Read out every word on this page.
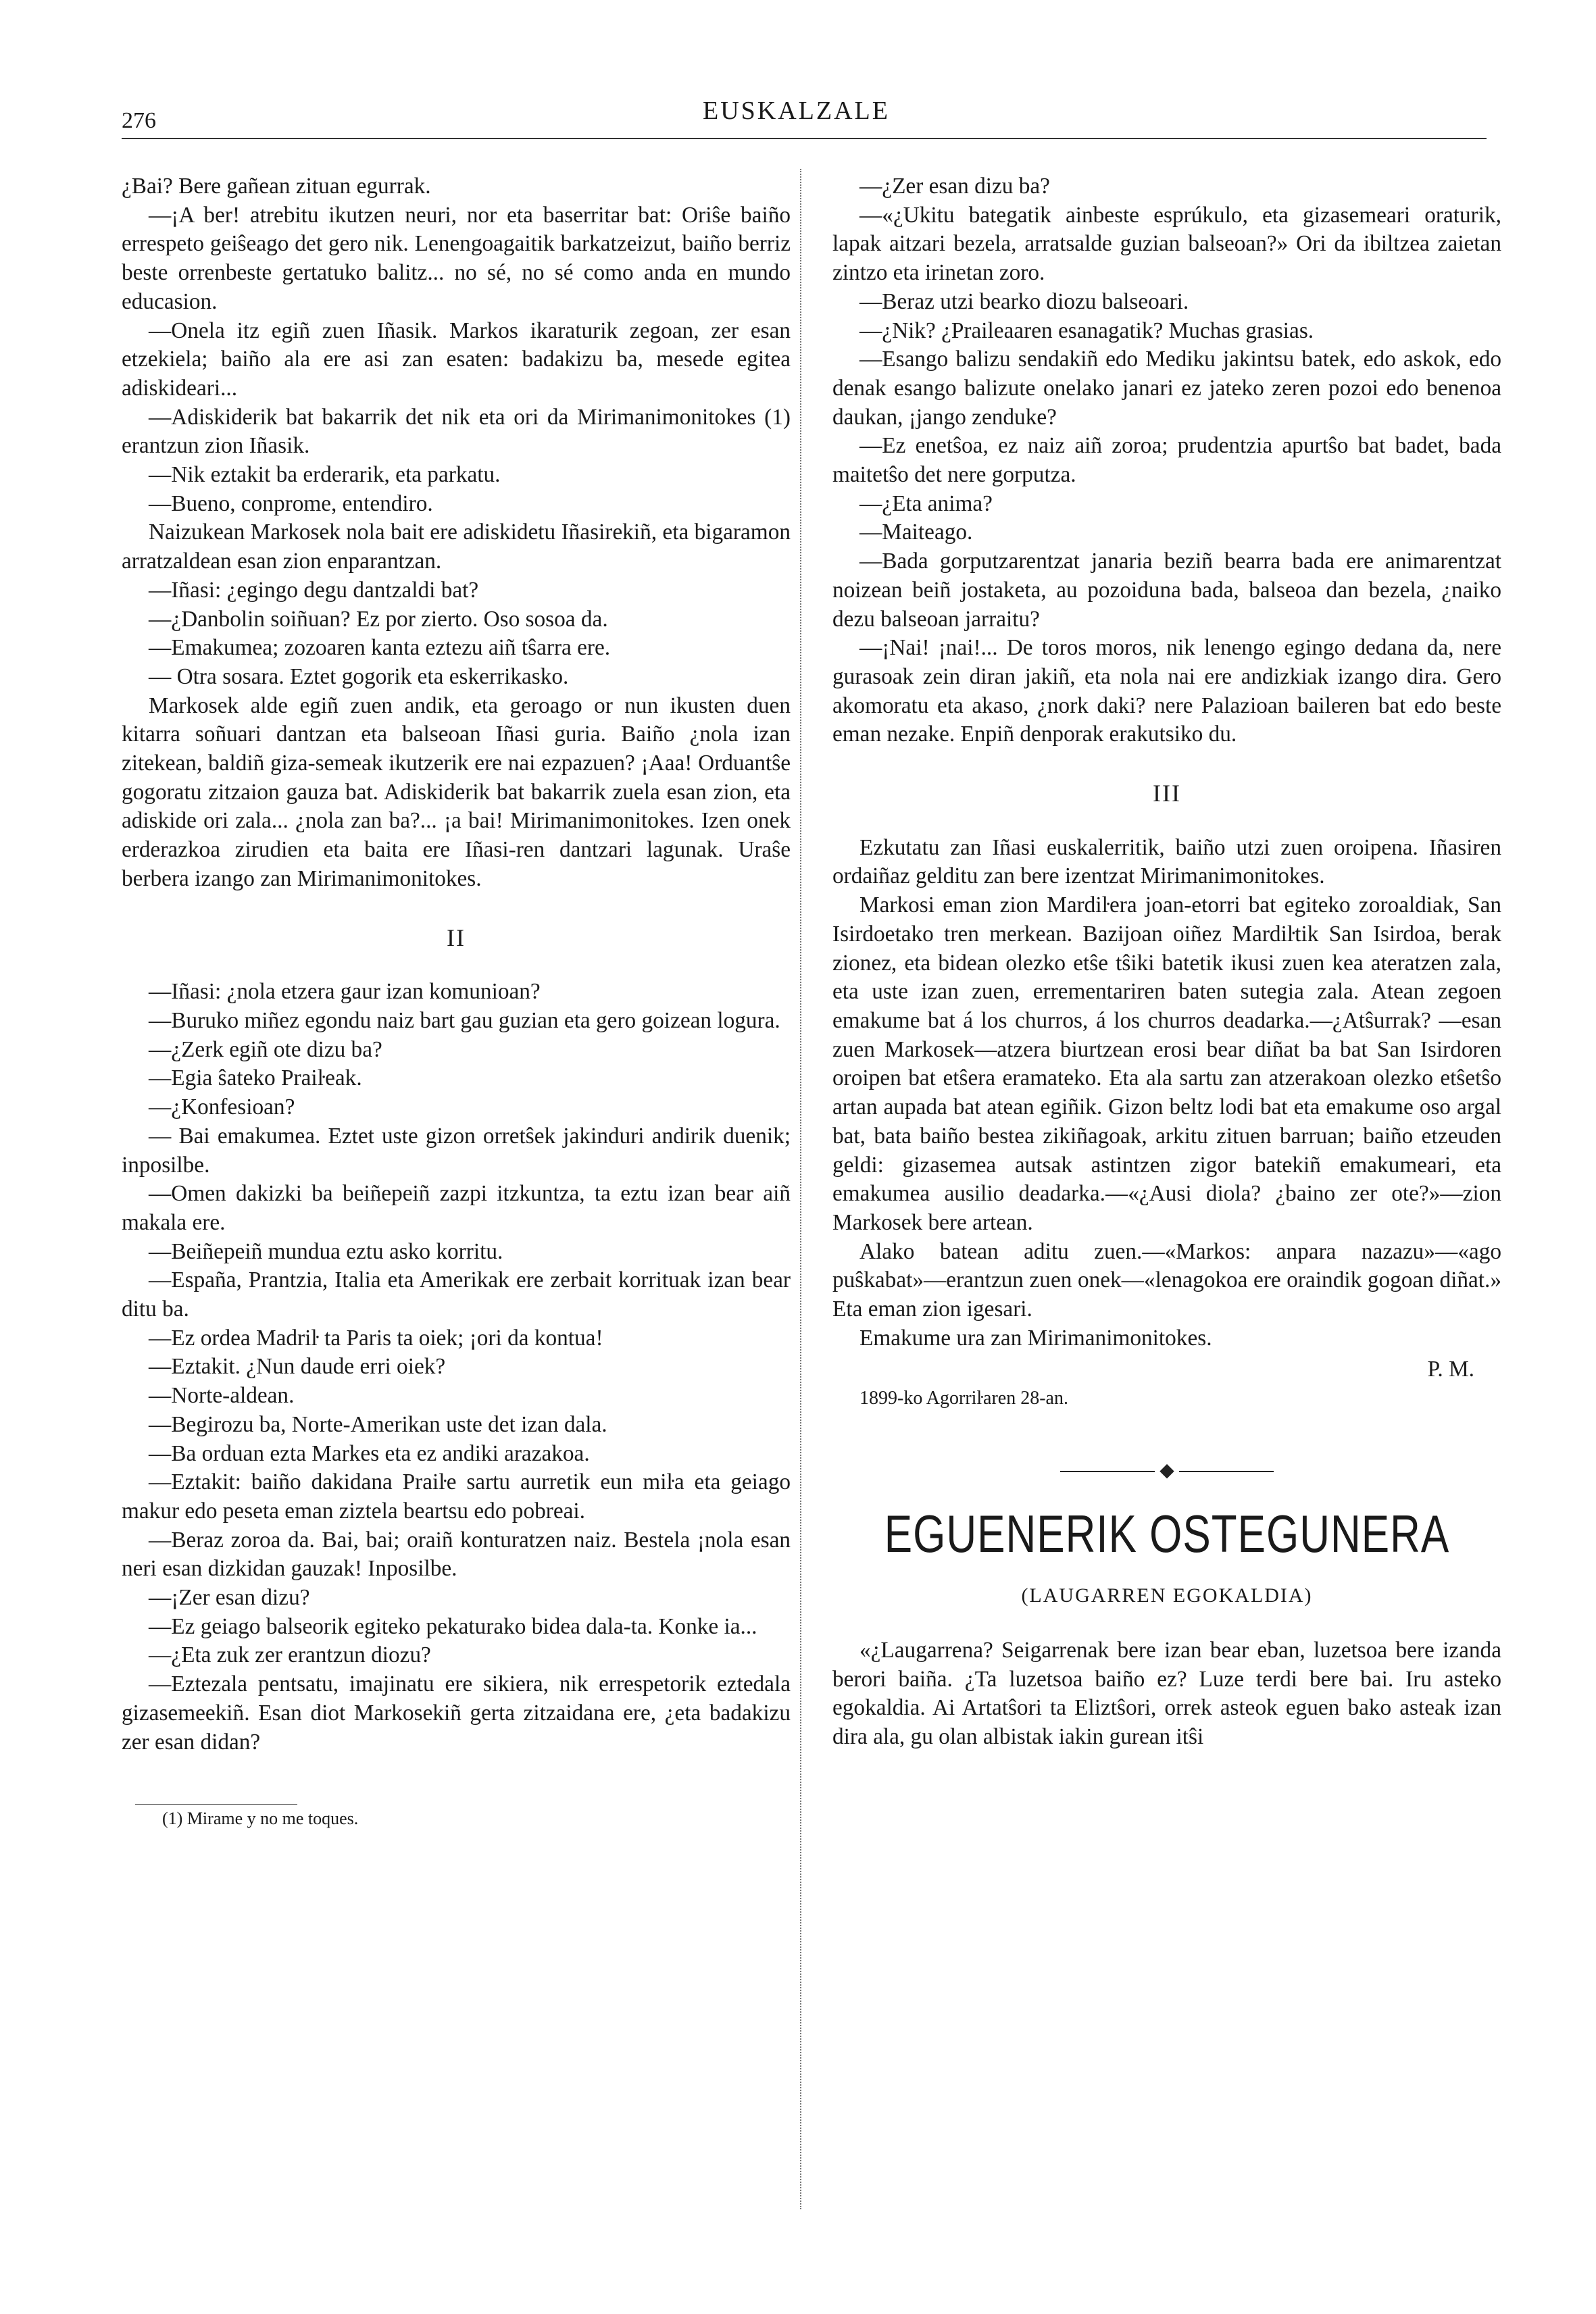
276	EUSKALZALE

¿Bai? Bere gañean zituan egurrak.

—¡A ber! atrebitu ikutzen neuri, nor eta baserritar bat: Oriŝe baiño errespeto geiŝeago det gero nik. Lenengoagaitik barkatzeizut, baiño berriz beste orrenbeste gertatuko balitz... no sé, no sé como anda en mundo educasion.

—Onela itz egiñ zuen Iñasik. Markos ikaraturik zegoan, zer esan etzekiela; baiño ala ere asi zan esaten: badakizu ba, mesede egitea adiskideari...

—Adiskiderik bat bakarrik det nik eta ori da Mirimanimonitokes (1) erantzun zion Iñasik.

—Nik eztakit ba erderarik, eta parkatu.

—Bueno, conprome, entendiro.

Naizukean Markosek nola bait ere adiskidetu Iñasirekiñ, eta bigaramon arratzaldean esan zion enparantzan.

—Iñasi: ¿egingo degu dantzaldi bat?

—¿Danbolin soiñuan? Ez por zierto. Oso sosoa da.

—Emakumea; zozoaren kanta eztezu aiñ tŝarra ere.

— Otra sosara. Eztet gogorik eta eskerrikasko.

Markosek alde egiñ zuen andik, eta geroago or nun ikusten duen kitarra soñuari dantzan eta balseoan Iñasi guria. Baiño ¿nola izan zitekean, baldiñ giza-semeak ikutzerik ere nai ezpazuen? ¡Aaa! Orduantŝe gogoratu zitzaion gauza bat. Adiskiderik bat bakarrik zuela esan zion, eta adiskide ori zala... ¿nola zan ba?... ¡a bai! Mirimanimonitokes. Izen onek erderazkoa zirudien eta baita ere Iñasi-ren dantzari lagunak. Uraŝe berbera izango zan Mirimanimonitokes.

II

—Iñasi: ¿nola etzera gaur izan komunioan?

—Buruko miñez egondu naiz bart gau guzian eta gero goizean logura.

—¿Zerk egiñ ote dizu ba?

—Egia ŝateko Praiŀeak.

—¿Konfesioan?

— Bai emakumea. Eztet uste gizon orretŝek jakinduri andirik duenik; inposilbe.

—Omen dakizki ba beiñepeiñ zazpi itzkuntza, ta eztu izan bear aiñ makala ere.

—Beiñepeiñ mundua eztu asko korritu.

—España, Prantzia, Italia eta Amerikak ere zerbait korrituak izan bear ditu ba.

—Ez ordea Madriŀ ta Paris ta oiek; ¡ori da kontua!

—Eztakit. ¿Nun daude erri oiek?

—Norte-aldean.

—Begirozu ba, Norte-Amerikan uste det izan dala.

—Ba orduan ezta Markes eta ez andiki arazakoa.

—Eztakit: baiño dakidana Praiŀe sartu aurretik eun miŀa eta geiago makur edo peseta eman ziztela beartsu edo pobreai.

—Beraz zoroa da. Bai, bai; oraiñ konturatzen naiz. Bestela ¡nola esan neri esan dizkidan gauzak! Inposilbe.

—¡Zer esan dizu?

—Ez geiago balseorik egiteko pekaturako bidea dala-ta. Konke ia...

—¿Eta zuk zer erantzun diozu?

—Eztezala pentsatu, imajinatu ere sikiera, nik errespetorik eztedala gizasemeekiñ. Esan diot Markosekiñ gerta zitzaidana ere, ¿eta badakizu zer esan didan?

(1) Mirame y no me toques.

—¿Zer esan dizu ba?

—«¿Ukitu bategatik ainbeste esprúkulo, eta gizasemeari oraturik, lapak aitzari bezela, arratsalde guzian balseoan?» Ori da ibiltzea zaietan zintzo eta irinetan zoro.

—Beraz utzi bearko diozu balseoari.

—¿Nik? ¿Praileaaren esanagatik? Muchas grasias.

—Esango balizu sendakiñ edo Mediku jakintsu batek, edo askok, edo denak esango balizute onelako janari ez jateko zeren pozoi edo benenoa daukan, ¡jango zenduke?

—Ez enetŝoa, ez naiz aiñ zoroa; prudentzia apurtŝo bat badet, bada maitetŝo det nere gorputza.

—¿Eta anima?

—Maiteago.

—Bada gorputzarentzat janaria beziñ bearra bada ere animarentzat noizean beiñ jostaketa, au pozoiduna bada, balseoa dan bezela, ¿naiko dezu balseoan jarraitu?

—¡Nai! ¡nai!... De toros moros, nik lenengo egingo dedana da, nere gurasoak zein diran jakiñ, eta nola nai ere andizkiak izango dira. Gero akomoratu eta akaso, ¿nork daki? nere Palazioan baileren bat edo beste eman nezake. Enpiñ denporak erakutsiko du.

III

Ezkutatu zan Iñasi euskalerritik, baiño utzi zuen oroipena. Iñasiren ordaiñaz gelditu zan bere izentzat Mirimanimonitokes.

Markosi eman zion Mardiŀera joan-etorri bat egiteko zoroaldiak, San Isirdoetako tren merkean. Bazijoan oiñez Mardiŀtik San Isirdoa, berak zionez, eta bidean olezko etŝe tŝiki batetik ikusi zuen kea ateratzen zala, eta uste izan zuen, errementariren baten sutegia zala. Atean zegoen emakume bat á los churros, á los churros deadarka.—¿Atŝurrak? —esan zuen Markosek—atzera biurtzean erosi bear diñat ba bat San Isirdoren oroipen bat etŝera eramateko. Eta ala sartu zan atzerakoan olezko etŝetŝo artan aupada bat atean egiñik. Gizon beltz lodi bat eta emakume oso argal bat, bata baiño bestea zikiñagoak, arkitu zituen barruan; baiño etzeuden geldi: gizasemea autsak astintzen zigor batekiñ emakumeari, eta emakumea ausilio deadarka.—«¿Ausi diola? ¿baino zer ote?»—zion Markosek bere artean.

Alako batean aditu zuen.—«Markos: anpara nazazu»—«ago puŝkabat»—erantzun zuen onek—«lenagokoa ere oraindik gogoan diñat.» Eta eman zion igesari.

Emakume ura zan Mirimanimonitokes.

P. M.

1899-ko Agorriŀaren 28-an.

◆
EGUENERIK OSTEGUNERA
(LAUGARREN EGOKALDIA)

«¿Laugarrena? Seigarrenak bere izan bear eban, luzetsoa bere izanda berori baiña. ¿Ta luzetsoa baiño ez? Luze terdi bere bai. Iru asteko egokaldia. Ai Artatŝori ta Eliztŝori, orrek asteok eguen bako asteak izan dira ala, gu olan albistak iakin gurean itŝi
